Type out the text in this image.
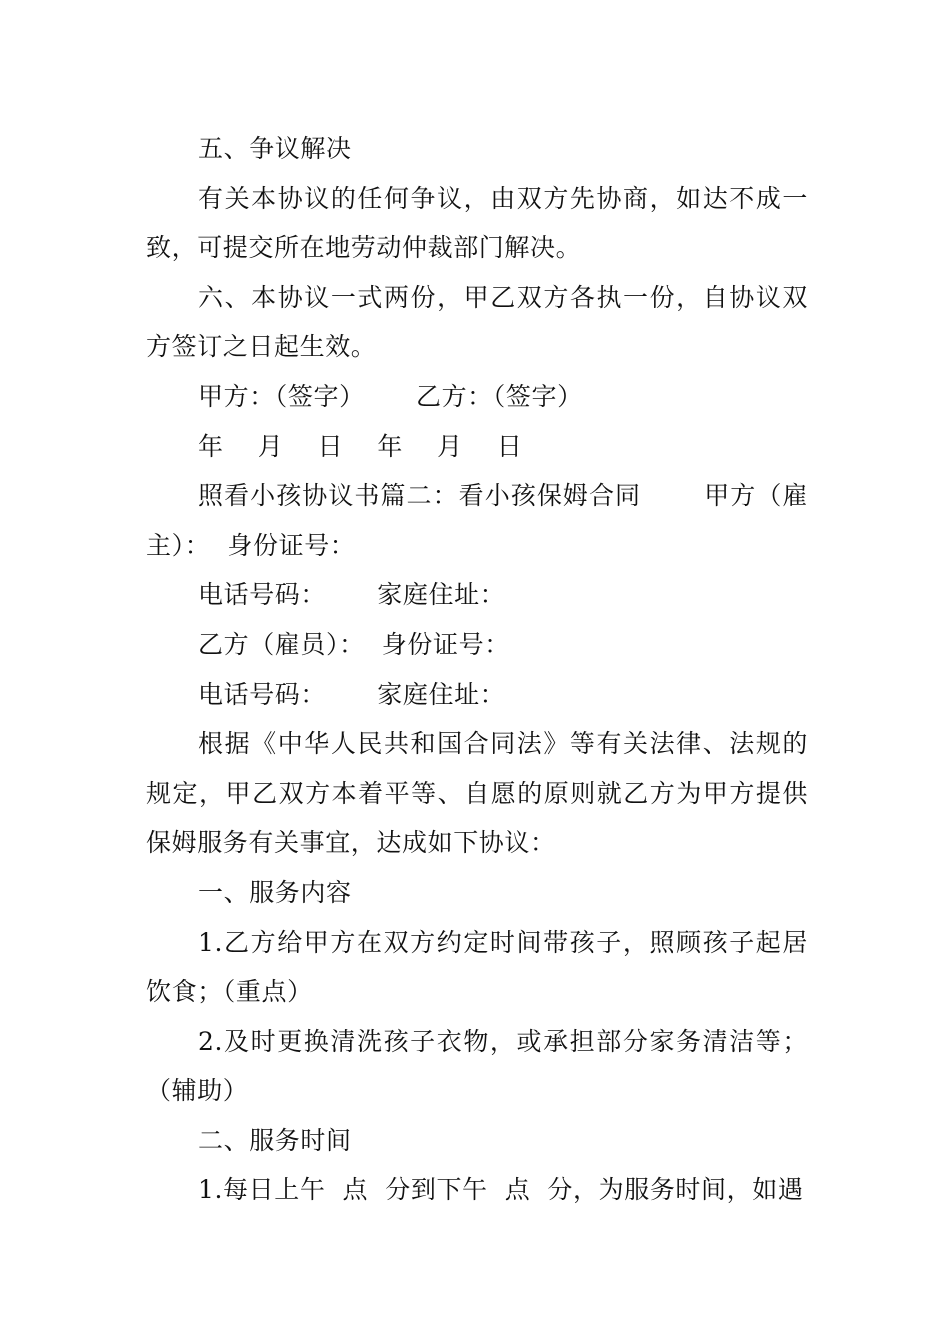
五、争议解决

有关本协议的任何争议，由双方先协商，如达不成一致，可提交所在地劳动仲裁部门解决。

六、本协议一式两份，甲乙双方各执一份，自协议双方签订之日起生效。

甲方：（签字）      乙方：（签字）

年    月    日    年    月    日

照看小孩协议书篇二：看小孩保姆合同       甲方（雇主）：  身份证号：

电话号码：      家庭住址：

乙方（雇员）：  身份证号：

电话号码：      家庭住址：

根据《中华人民共和国合同法》等有关法律、法规的规定，甲乙双方本着平等、自愿的原则就乙方为甲方提供保姆服务有关事宜，达成如下协议：

一、服务内容

1.乙方给甲方在双方约定时间带孩子，照顾孩子起居饮食；（重点）

2.及时更换清洗孩子衣物，或承担部分家务清洁等；（辅助）

二、服务时间

1.每日上午  点  分到下午  点  分，为服务时间，如遇
